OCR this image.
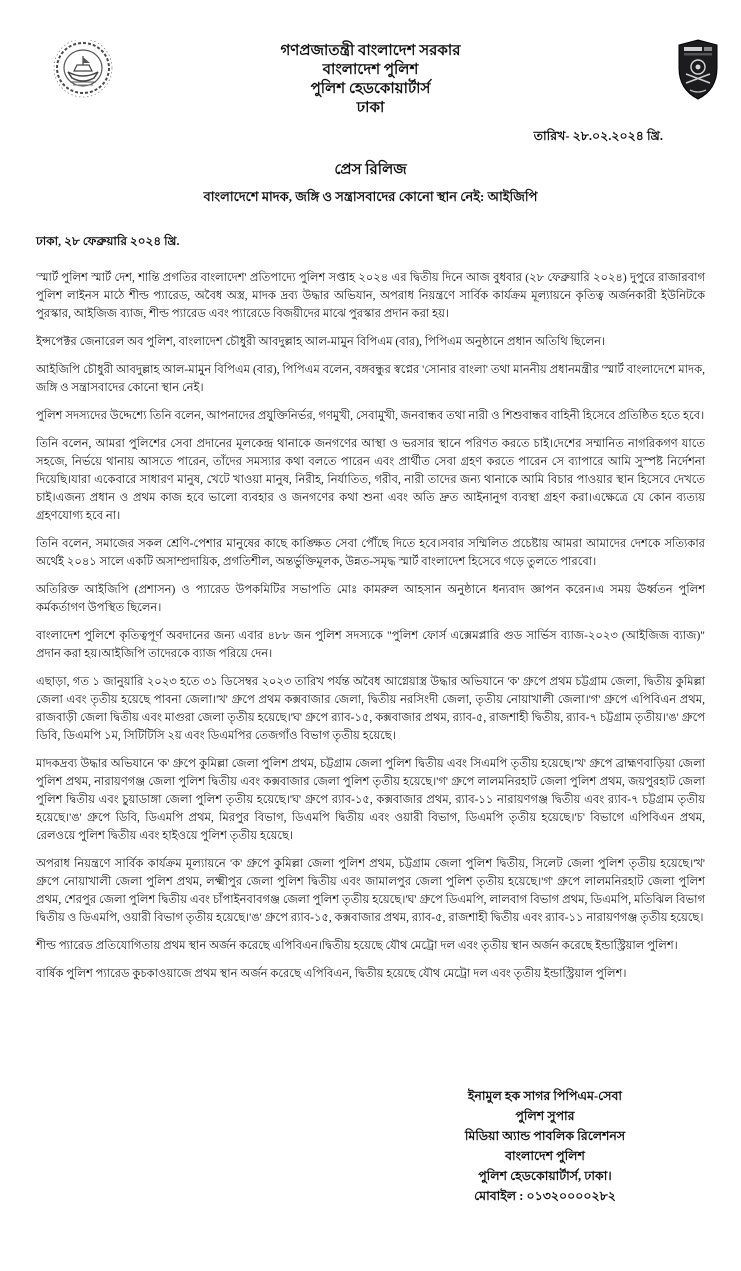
গণপ্রজাতন্ত্রী বাংলাদেশ সরকার
বাংলাদেশ পুলিশ
পুলিশ হেডকোয়ার্টার্স
ঢাকা
তারিখ- ২৮.০২.২০২৪ খ্রি.
প্রেস রিলিজ
বাংলাদেশে মাদক, জঙ্গি ও সন্ত্রাসবাদের কোনো স্থান নেই: আইজিপি

ঢাকা, ২৮ ফেব্রুয়ারি ২০২৪ খ্রি.

'স্মার্ট পুলিশ স্মার্ট দেশ, শান্তি প্রগতির বাংলাদেশ' প্রতিপাদ্যে পুলিশ সপ্তাহ ২০২৪ এর দ্বিতীয় দিনে আজ বুধবার (২৮ ফেব্রুয়ারি ২০২৪) দুপুরে রাজারবাগ পুলিশ লাইনস মাঠে শীল্ড প্যারেড, অবৈধ অস্ত্র, মাদক দ্রব্য উদ্ধার অভিযান, অপরাধ নিয়ন্ত্রণে সার্বিক কার্যক্রম মূল্যায়নে কৃতিত্ব অর্জনকারী ইউনিটকে পুরস্কার, আইজিজ ব্যাজ, শীল্ড প্যারেড এবং প্যারেডে বিজয়ীদের মাঝে পুরস্কার প্রদান করা হয়।

ইন্সপেক্টর জেনারেল অব পুলিশ, বাংলাদেশ চৌধুরী আবদুল্লাহ আল-মামুন বিপিএম (বার), পিপিএম অনুষ্ঠানে প্রধান অতিথি ছিলেন।

আইজিপি চৌধুরী আবদুল্লাহ আল-মামুন বিপিএম (বার), পিপিএম বলেন, বঙ্গবন্ধুর স্বপ্নের 'সোনার বাংলা' তথা মাননীয় প্রধানমন্ত্রীর 'স্মার্ট বাংলাদেশে মাদক, জঙ্গি ও সন্ত্রাসবাদের কোনো স্থান নেই।

পুলিশ সদস্যদের উদ্দেশ্যে তিনি বলেন, আপনাদের প্রযুক্তিনির্ভর, গণমুখী, সেবামুখী, জনবান্ধব তথা নারী ও শিশুবান্ধব বাহিনী হিসেবে প্রতিষ্ঠিত হতে হবে।

তিনি বলেন, আমরা পুলিশের সেবা প্রদানের মূলকেন্দ্র থানাকে জনগণের আস্থা ও ভরসার স্থানে পরিণত করতে চাই।দেশের সম্মানিত নাগরিকগণ যাতে সহজে, নির্ভয়ে থানায় আসতে পারেন, তাঁদের সমস্যার কথা বলতে পারেন এবং প্রার্থীত সেবা গ্রহণ করতে পারেন সে ব্যাপারে আমি সুস্পষ্ট নির্দেশনা দিয়েছি।যারা একেবারে সাধারণ মানুষ, খেটে খাওয়া মানুষ, নিরীহ, নির্যাতিত, গরীব, নারী তাদের জন্য থানাকে আমি বিচার পাওয়ার স্থান হিসেবে দেখতে চাই।এজন্য প্রধান ও প্রথম কাজ হবে ভালো ব্যবহার ও জনগণের কথা শুনা এবং অতি দ্রুত আইনানুগ ব্যবস্থা গ্রহণ করা।এক্ষেত্রে যে কোন ব্যত্যয় গ্রহণযোগ্য হবে না।

তিনি বলেন, সমাজের সকল শ্রেণি-পেশার মানুষের কাছে কাঙ্ক্ষিত সেবা পৌঁছে দিতে হবে।সবার সম্মিলিত প্রচেষ্টায় আমরা আমাদের দেশকে সত্যিকার অর্থেই ২০৪১ সালে একটি অসাম্প্রদায়িক, প্রগতিশীল, অন্তর্ভুক্তিমূলক, উন্নত-সমৃদ্ধ স্মার্ট বাংলাদেশ হিসেবে গড়ে তুলতে পারবো।

অতিরিক্ত আইজিপি (প্রশাসন) ও প্যারেড উপকমিটির সভাপতি মোঃ কামরুল আহসান অনুষ্ঠানে ধন্যবাদ জ্ঞাপন করেন।এ সময় ঊর্ধ্বতন পুলিশ কর্মকর্তাগণ উপস্থিত ছিলেন।

বাংলাদেশ পুলিশে কৃতিত্বপূর্ণ অবদানের জন্য এবার ৪৮৮ জন পুলিশ সদস্যকে "পুলিশ ফোর্স এক্সেমপ্লারি গুড সার্ভিস ব্যাজ-২০২৩ (আইজিজ ব্যাজ)" প্রদান করা হয়।আইজিপি তাদেরকে ব্যাজ পরিয়ে দেন।

এছাড়া, গত ১ জানুয়ারি ২০২৩ হতে ৩১ ডিসেম্বর ২০২৩ তারিখ পর্যন্ত অবৈধ আগ্নেয়াস্ত্র উদ্ধার অভিযানে 'ক' গ্রুপে প্রথম চট্টগ্রাম জেলা, দ্বিতীয় কুমিল্লা জেলা এবং তৃতীয় হয়েছে পাবনা জেলা।'খ' গ্রুপে প্রথম কক্সবাজার জেলা, দ্বিতীয় নরসিংদী জেলা, তৃতীয় নোয়াখালী জেলা।'গ' গ্রুপে এপিবিএন প্রথম, রাজবাড়ী জেলা দ্বিতীয় এবং মাগুরা জেলা তৃতীয় হয়েছে।'ঘ' গ্রুপে র‍্যাব-১৫, কক্সবাজার প্রথম, র‍্যাব-৫, রাজশাহী দ্বিতীয়, র‍্যাব-৭ চট্টগ্রাম তৃতীয়।'ঙ' গ্রুপে ডিবি, ডিএমপি ১ম, সিটিটিসি ২য় এবং ডিএমপির তেজগাঁও বিভাগ তৃতীয় হয়েছে।

মাদকদ্রব্য উদ্ধার অভিযানে 'ক' গ্রুপে কুমিল্লা জেলা পুলিশ প্রথম, চট্টগ্রাম জেলা পুলিশ দ্বিতীয় এবং সিএমপি তৃতীয় হয়েছে।'খ' গ্রুপে ব্রাহ্মণবাড়িয়া জেলা পুলিশ প্রথম, নারায়ণগঞ্জ জেলা পুলিশ দ্বিতীয় এবং কক্সবাজার জেলা পুলিশ তৃতীয় হয়েছে।'গ' গ্রুপে লালমনিরহাট জেলা পুলিশ প্রথম, জয়পুরহাট জেলা পুলিশ দ্বিতীয় এবং চুয়াডাঙ্গা জেলা পুলিশ তৃতীয় হয়েছে।'ঘ' গ্রুপে র‍্যাব-১৫, কক্সবাজার প্রথম, র‍্যাব-১১ নারায়ণগঞ্জ দ্বিতীয় এবং র‍্যাব-৭ চট্টগ্রাম তৃতীয় হয়েছে।'ঙ' গ্রুপে ডিবি, ডিএমপি প্রথম, মিরপুর বিভাগ, ডিএমপি দ্বিতীয় এবং ওয়ারী বিভাগ, ডিএমপি তৃতীয় হয়েছে।'চ' বিভাগে এপিবিএন প্রথম, রেলওয়ে পুলিশ দ্বিতীয় এবং হাইওয়ে পুলিশ তৃতীয় হয়েছে।

অপরাধ নিয়ন্ত্রণে সার্বিক কার্যক্রম মূল্যায়নে 'ক' গ্রুপে কুমিল্লা জেলা পুলিশ প্রথম, চট্টগ্রাম জেলা পুলিশ দ্বিতীয়, সিলেট জেলা পুলিশ তৃতীয় হয়েছে।'খ' গ্রুপে নোয়াখালী জেলা পুলিশ প্রথম, লক্ষ্মীপুর জেলা পুলিশ দ্বিতীয় এবং জামালপুর জেলা পুলিশ তৃতীয় হয়েছে।'গ' গ্রুপে লালমনিরহাট জেলা পুলিশ প্রথম, শেরপুর জেলা পুলিশ দ্বিতীয় এবং চাঁপাইনবাবগঞ্জ জেলা পুলিশ তৃতীয় হয়েছে।'ঘ' গ্রুপে ডিএমপি, লালবাগ বিভাগ প্রথম, ডিএমপি, মতিঝিল বিভাগ দ্বিতীয় ও ডিএমপি, ওয়ারী বিভাগ তৃতীয় হয়েছে।'ঙ' গ্রুপে র‍্যাব-১৫, কক্সবাজার প্রথম, র‍্যাব-৫, রাজশাহী দ্বিতীয় এবং র‍্যাব-১১ নারায়ণগঞ্জ তৃতীয় হয়েছে।

শীল্ড প্যারেড প্রতিযোগিতায় প্রথম স্থান অর্জন করেছে এপিবিএন।দ্বিতীয় হয়েছে যৌথ মেট্রো দল এবং তৃতীয় স্থান অর্জন করেছে ইন্ডাস্ট্রিয়াল পুলিশ।

বার্ষিক পুলিশ প্যারেড কুচকাওয়াজে প্রথম স্থান অর্জন করেছে এপিবিএন, দ্বিতীয় হয়েছে যৌথ মেট্রো দল এবং তৃতীয় ইন্ডাস্ট্রিয়াল পুলিশ।

ইনামুল হক সাগর পিপিএম-সেবা
পুলিশ সুপার
মিডিয়া অ্যান্ড পাবলিক রিলেশনস
বাংলাদেশ পুলিশ
পুলিশ হেডকোয়ার্টার্স, ঢাকা।
মোবাইল : ০১৩২০০০০২৮২
